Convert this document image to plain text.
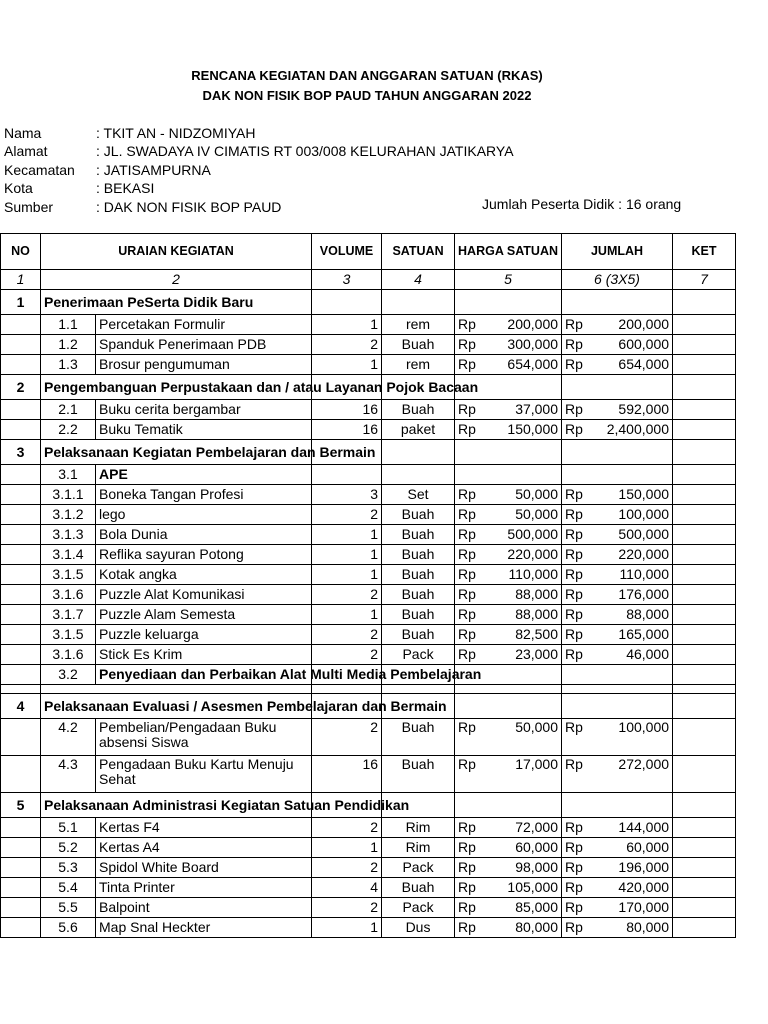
RENCANA KEGIATAN DAN ANGGARAN SATUAN (RKAS)
DAK NON FISIK BOP PAUD TAHUN ANGGARAN 2022
Nama	: TKIT AN - NIDZOMIYAH
Alamat	: JL. SWADAYA IV CIMATIS RT 003/008 KELURAHAN JATIKARYA
Kecamatan : JATISAMPURNA
Kota	: BEKASI
Sumber	: DAK NON FISIK BOP PAUD	Jumlah Peserta Didik : 16 orang
NO	URAIAN KEGIATAN		VOLUME	SATUAN	HARGA SATUAN	JUMLAH	KET
1	2		3	4	5	6 (3X5)	7
1	Penerimaan PeSerta Didik Baru						
	1.1	Percetakan Formulir	1	rem	Rp 200,000	Rp 200,000	

	1.2	Spanduk Penerimaan PDB	2	Buah	Rp 300,000	Rp 600,000	

	1.3	Brosur pengumuman	1	rem	Rp 654,000	Rp 654,000	

2	Pengembanguan Perpustakaan dan / atau Layanan Pojok Bacaan						
	2.1	Buku cerita bergambar	16	Buah	Rp 37,000	Rp 592,000	

	2.2	Buku Tematik	16	paket	Rp 150,000	Rp 2,400,000	

3	Pelaksanaan Kegiatan Pembelajaran dan Bermain						
	3.1	APE					
	3.1.1	Boneka Tangan Profesi	3	Set	Rp 50,000	Rp 150,000	

	3.1.2	lego	2	Buah	Rp 50,000	Rp 100,000	

	3.1.3	Bola Dunia	1	Buah	Rp 500,000	Rp 500,000	

	3.1.4	Reflika sayuran Potong	1	Buah	Rp 220,000	Rp 220,000	

	3.1.5	Kotak angka	1	Buah	Rp 110,000	Rp 110,000	

	3.1.6	Puzzle Alat Komunikasi	2	Buah	Rp 88,000	Rp 176,000	

	3.1.7	Puzzle Alam Semesta	1	Buah	Rp 88,000	Rp 88,000	

	3.1.5	Puzzle keluarga	2	Buah	Rp 82,500	Rp 165,000	

	3.1.6	Stick Es Krim	2	Pack	Rp 23,000	Rp 46,000	

	3.2	Penyediaan dan Perbaikan Alat Multi Media Pembelajaran					

4	Pelaksanaan Evaluasi / Asesmen Pembelajaran dan Bermain						
	4.2	Pembelian/Pengadaan Buku absensi Siswa	2	Buah	Rp 50,000	Rp 100,000	

	4.3	Pengadaan Buku Kartu Menuju Sehat	16	Buah	Rp 17,000	Rp 272,000	

5	Pelaksanaan Administrasi Kegiatan Satuan Pendidikan						
	5.1	Kertas F4	2	Rim	Rp 72,000	Rp 144,000	

	5.2	Kertas A4	1	Rim	Rp 60,000	Rp 60,000	

	5.3	Spidol White Board	2	Pack	Rp 98,000	Rp 196,000	

	5.4	Tinta Printer	4	Buah	Rp 105,000	Rp 420,000	

	5.5	Balpoint	2	Pack	Rp 85,000	Rp 170,000	

	5.6	Map Snal Heckter	1	Dus	Rp 80,000	Rp 80,000	
